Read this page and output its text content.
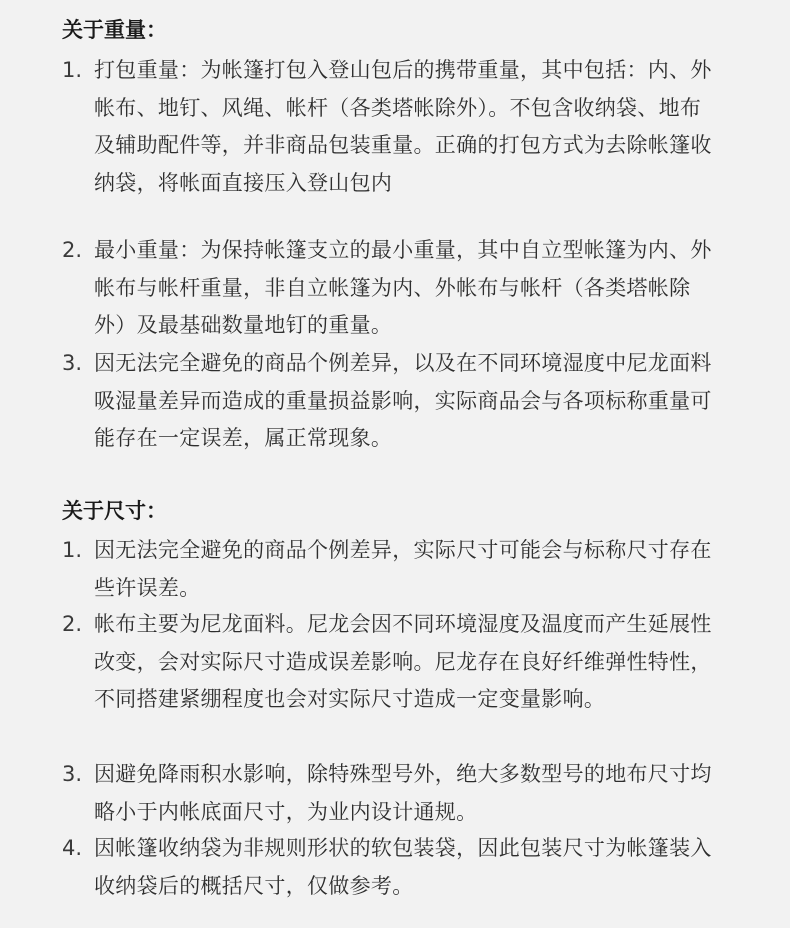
关于重量：
1. 打包重量：为帐篷打包入登山包后的携带重量，其中包括：内、外帐布、地钉、风绳、帐杆（各类塔帐除外）。不包含收纳袋、地布及辅助配件等，并非商品包装重量。正确的打包方式为去除帐篷收纳袋，将帐面直接压入登山包内

2. 最小重量：为保持帐篷支立的最小重量，其中自立型帐篷为内、外帐布与帐杆重量，非自立帐篷为内、外帐布与帐杆（各类塔帐除外）及最基础数量地钉的重量。

3. 因无法完全避免的商品个例差异，以及在不同环境湿度中尼龙面料吸湿量差异而造成的重量损益影响，实际商品会与各项标称重量可能存在一定误差，属正常现象。

关于尺寸：
1. 因无法完全避免的商品个例差异，实际尺寸可能会与标称尺寸存在些许误差。

2. 帐布主要为尼龙面料。尼龙会因不同环境湿度及温度而产生延展性改变，会对实际尺寸造成误差影响。尼龙存在良好纤维弹性特性，不同搭建紧绷程度也会对实际尺寸造成一定变量影响。

3. 因避免降雨积水影响，除特殊型号外，绝大多数型号的地布尺寸均略小于内帐底面尺寸，为业内设计通规。

4. 因帐篷收纳袋为非规则形状的软包装袋，因此包装尺寸为帐篷装入收纳袋后的概括尺寸，仅做参考。
